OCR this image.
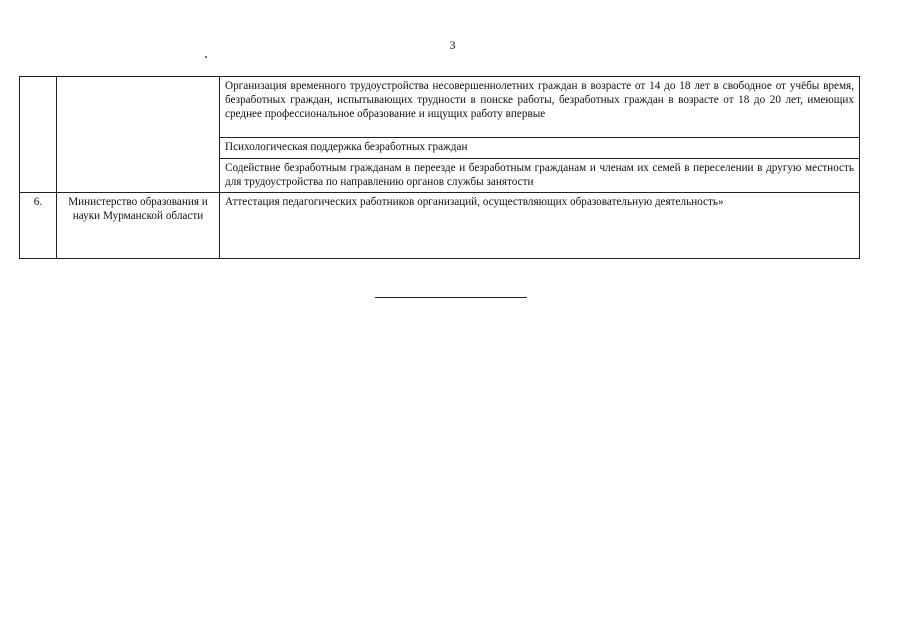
3
		Организация временного трудоустройства несовершеннолетних граждан в возрасте от 14 до 18 лет в свободное от учёбы время, безработных граждан, испытывающих трудности в поиске работы, безработных граждан в возрасте от 18 до 20 лет, имеющих среднее профессиональное образование и ищущих работу впервые
		Психологическая поддержка безработных граждан
		Содействие безработным гражданам в переезде и безработным гражданам и членам их семей в переселении в другую местность для трудоустройства по направлению органов службы занятости
6.	Министерство образования и науки Мурманской области	Аттестация педагогических работников организаций, осуществляющих образовательную деятельность»
